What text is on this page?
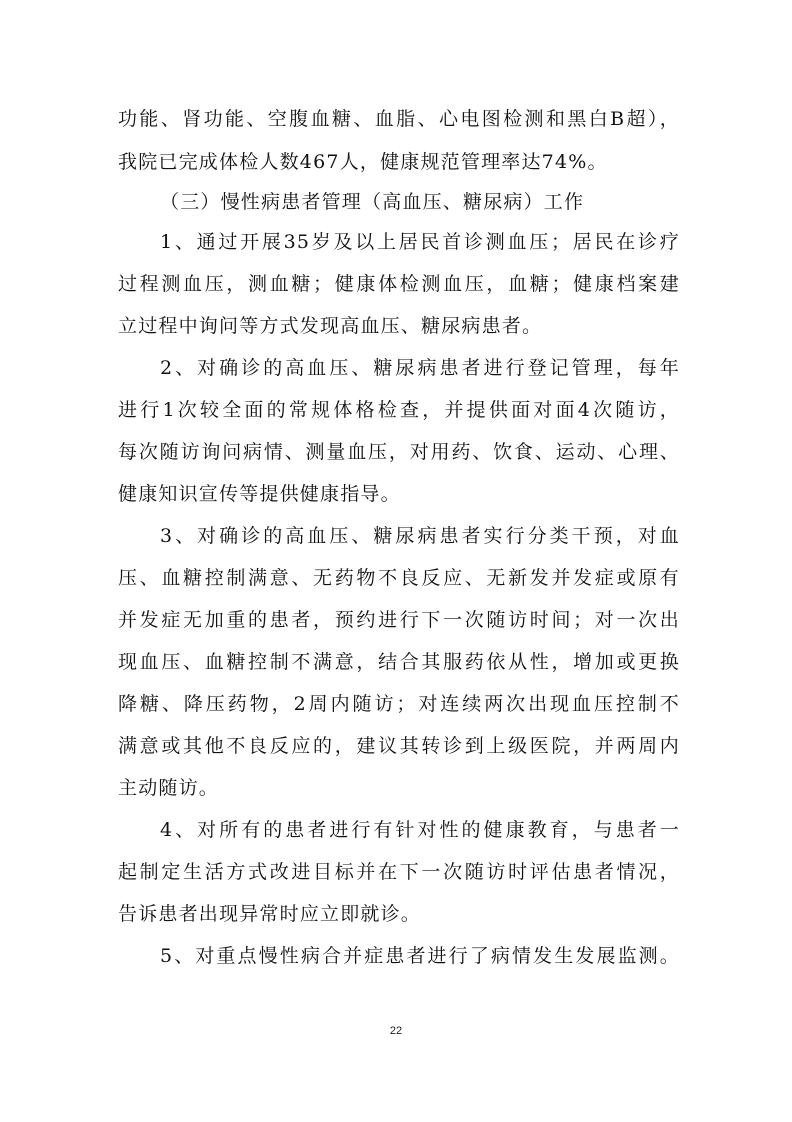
功能、肾功能、空腹血糖、血脂、心电图检测和黑白B超），
我院已完成体检人数467人，健康规范管理率达74%。
（三）慢性病患者管理（高血压、糖尿病）工作
1、通过开展35岁及以上居民首诊测血压；居民在诊疗
过程测血压，测血糖；健康体检测血压，血糖；健康档案建
立过程中询问等方式发现高血压、糖尿病患者。
2、对确诊的高血压、糖尿病患者进行登记管理，每年
进行1次较全面的常规体格检查，并提供面对面4次随访，
每次随访询问病情、测量血压，对用药、饮食、运动、心理、
健康知识宣传等提供健康指导。
3、对确诊的高血压、糖尿病患者实行分类干预，对血
压、血糖控制满意、无药物不良反应、无新发并发症或原有
并发症无加重的患者，预约进行下一次随访时间；对一次出
现血压、血糖控制不满意，结合其服药依从性，增加或更换
降糖、降压药物，2周内随访；对连续两次出现血压控制不
满意或其他不良反应的，建议其转诊到上级医院，并两周内
主动随访。
4、对所有的患者进行有针对性的健康教育，与患者一
起制定生活方式改进目标并在下一次随访时评估患者情况，
告诉患者出现异常时应立即就诊。
5、对重点慢性病合并症患者进行了病情发生发展监测。
22
